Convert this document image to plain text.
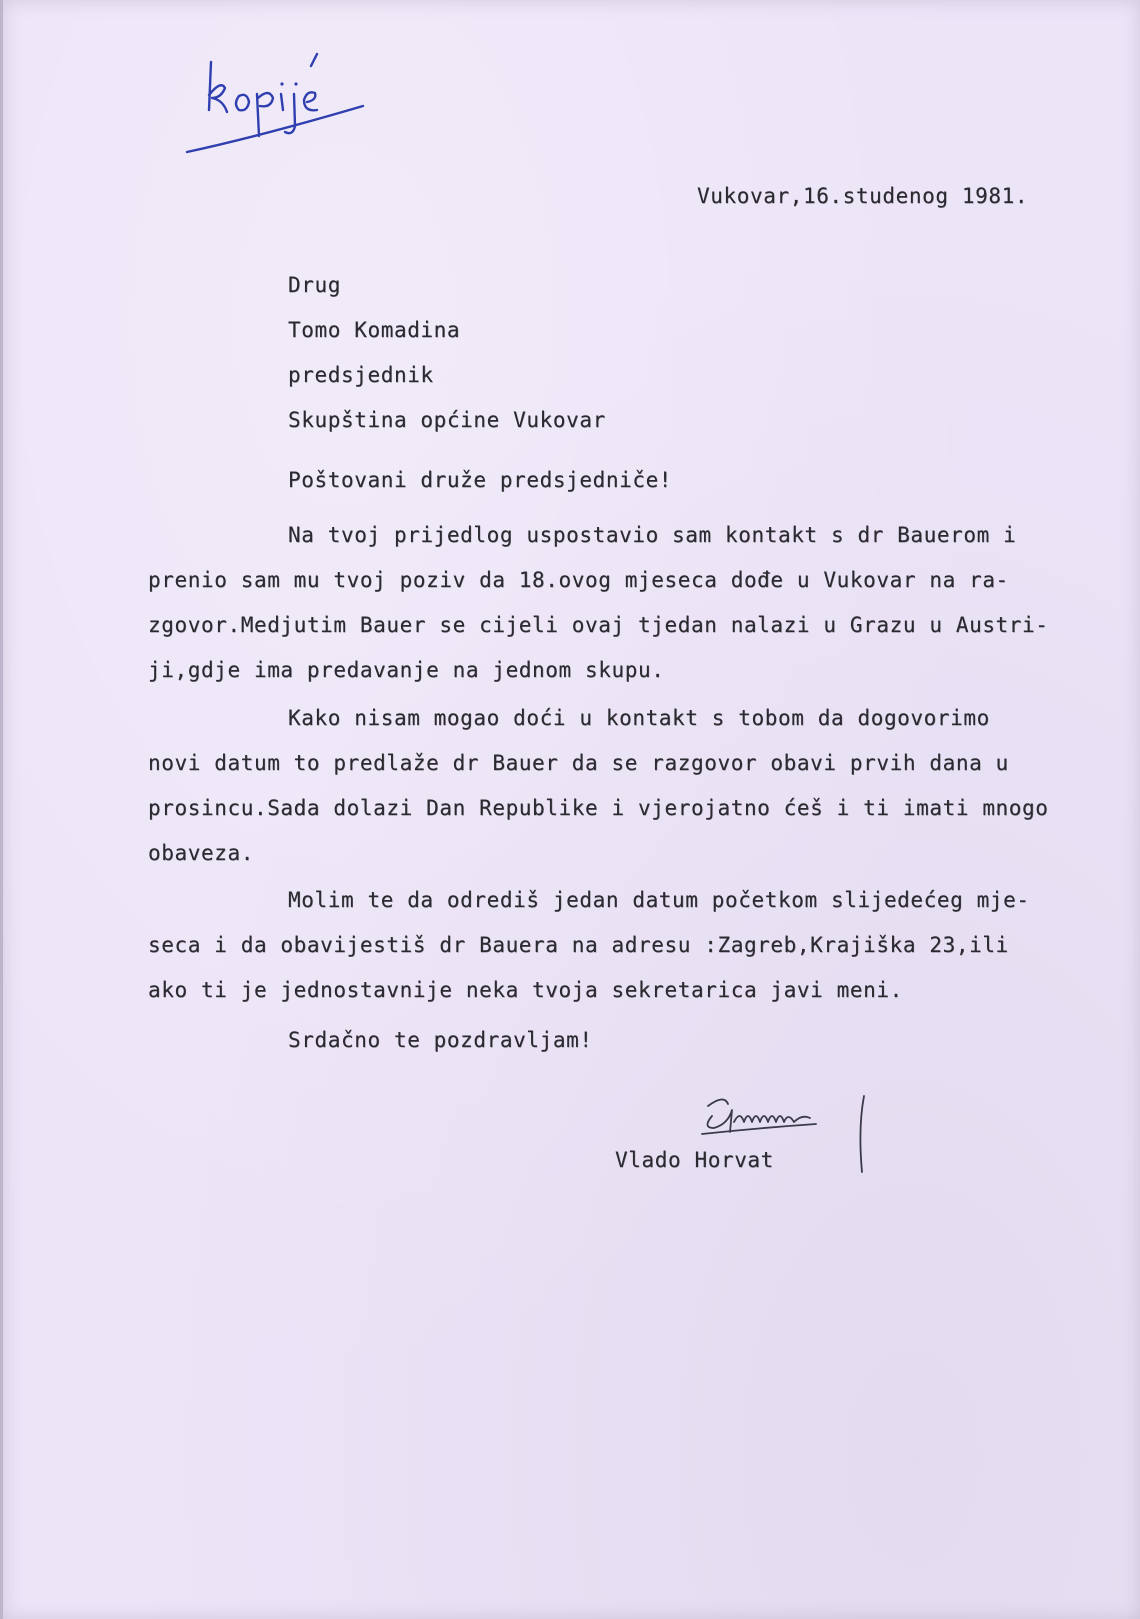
Vukovar,16.studenog 1981.
Drug
Tomo Komadina
predsjednik
Skupština općine Vukovar
Poštovani druže predsjedniče!
Na tvoj prijedlog uspostavio sam kontakt s dr Bauerom i
prenio sam mu tvoj poziv da 18.ovog mjeseca dođe u Vukovar na ra-
zgovor.Medjutim Bauer se cijeli ovaj tjedan nalazi u Grazu u Austri-
ji,gdje ima predavanje na jednom skupu.
Kako nisam mogao doći u kontakt s tobom da dogovorimo
novi datum to predlaže dr Bauer da se razgovor obavi prvih dana u
prosincu.Sada dolazi Dan Republike i vjerojatno ćeš i ti imati mnogo
obaveza.
Molim te da odrediš jedan datum početkom slijedećeg mje-
seca i da obavijestiš dr Bauera na adresu :Zagreb,Krajiška 23,ili
ako ti je jednostavnije neka tvoja sekretarica javi meni.
Srdačno te pozdravljam!
Vlado Horvat
